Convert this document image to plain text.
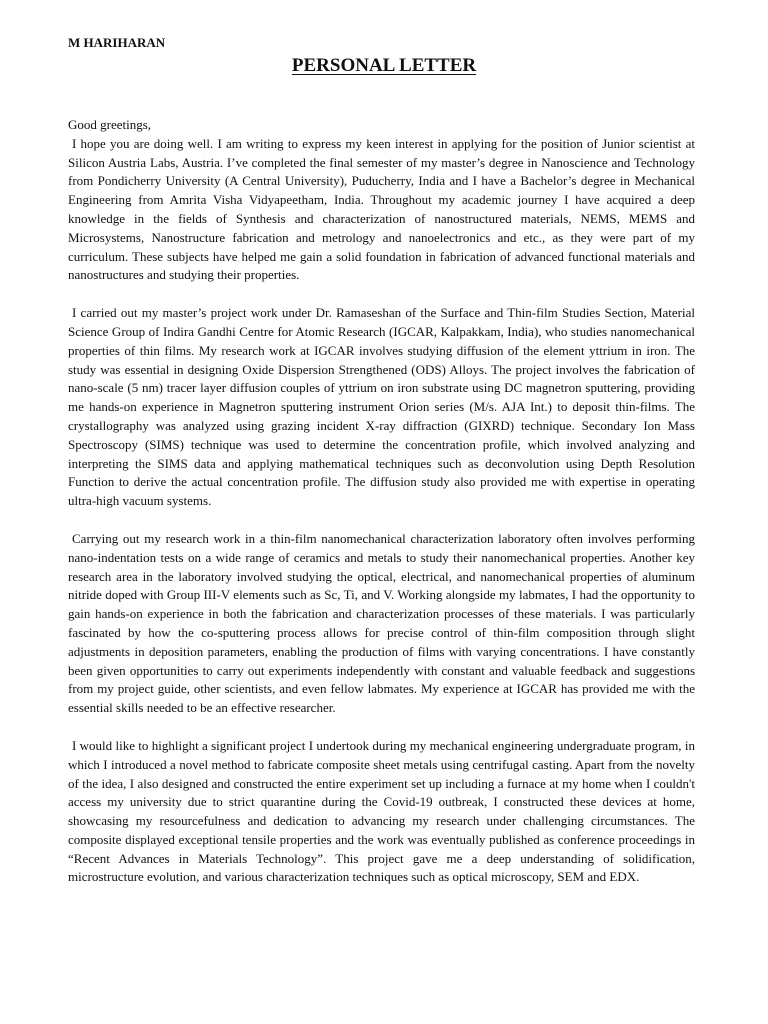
M HARIHARAN
PERSONAL LETTER

Good greetings,

I hope you are doing well. I am writing to express my keen interest in applying for the position of Junior scientist at Silicon Austria Labs, Austria. I’ve completed the final semester of my master’s degree in Nanoscience and Technology from Pondicherry University (A Central University), Puducherry, India and I have a Bachelor’s degree in Mechanical Engineering from Amrita Visha Vidyapeetham, India. Throughout my academic journey I have acquired a deep knowledge in the fields of Synthesis and characterization of nanostructured materials, NEMS, MEMS and Microsystems, Nanostructure fabrication and metrology and nanoelectronics and etc., as they were part of my curriculum. These subjects have helped me gain a solid foundation in fabrication of advanced functional materials and nanostructures and studying their properties.

I carried out my master’s project work under Dr. Ramaseshan of the Surface and Thin-film Studies Section, Material Science Group of Indira Gandhi Centre for Atomic Research (IGCAR, Kalpakkam, India), who studies nanomechanical properties of thin films. My research work at IGCAR involves studying diffusion of the element yttrium in iron. The study was essential in designing Oxide Dispersion Strengthened (ODS) Alloys. The project involves the fabrication of nano-scale (5 nm) tracer layer diffusion couples of yttrium on iron substrate using DC magnetron sputtering, providing me hands-on experience in Magnetron sputtering instrument Orion series (M/s. AJA Int.) to deposit thin-films. The crystallography was analyzed using grazing incident X-ray diffraction (GIXRD) technique. Secondary Ion Mass Spectroscopy (SIMS) technique was used to determine the concentration profile, which involved analyzing and interpreting the SIMS data and applying mathematical techniques such as deconvolution using Depth Resolution Function to derive the actual concentration profile. The diffusion study also provided me with expertise in operating ultra-high vacuum systems.

Carrying out my research work in a thin-film nanomechanical characterization laboratory often involves performing nano-indentation tests on a wide range of ceramics and metals to study their nanomechanical properties. Another key research area in the laboratory involved studying the optical, electrical, and nanomechanical properties of aluminum nitride doped with Group III-V elements such as Sc, Ti, and V. Working alongside my labmates, I had the opportunity to gain hands-on experience in both the fabrication and characterization processes of these materials. I was particularly fascinated by how the co-sputtering process allows for precise control of thin-film composition through slight adjustments in deposition parameters, enabling the production of films with varying concentrations. I have constantly been given opportunities to carry out experiments independently with constant and valuable feedback and suggestions from my project guide, other scientists, and even fellow labmates. My experience at IGCAR has provided me with the essential skills needed to be an effective researcher.

I would like to highlight a significant project I undertook during my mechanical engineering undergraduate program, in which I introduced a novel method to fabricate composite sheet metals using centrifugal casting. Apart from the novelty of the idea, I also designed and constructed the entire experiment set up including a furnace at my home when I couldn't access my university due to strict quarantine during the Covid-19 outbreak, I constructed these devices at home, showcasing my resourcefulness and dedication to advancing my research under challenging circumstances. The composite displayed exceptional tensile properties and the work was eventually published as conference proceedings in “Recent Advances in Materials Technology”. This project gave me a deep understanding of solidification, microstructure evolution, and various characterization techniques such as optical microscopy, SEM and EDX.
